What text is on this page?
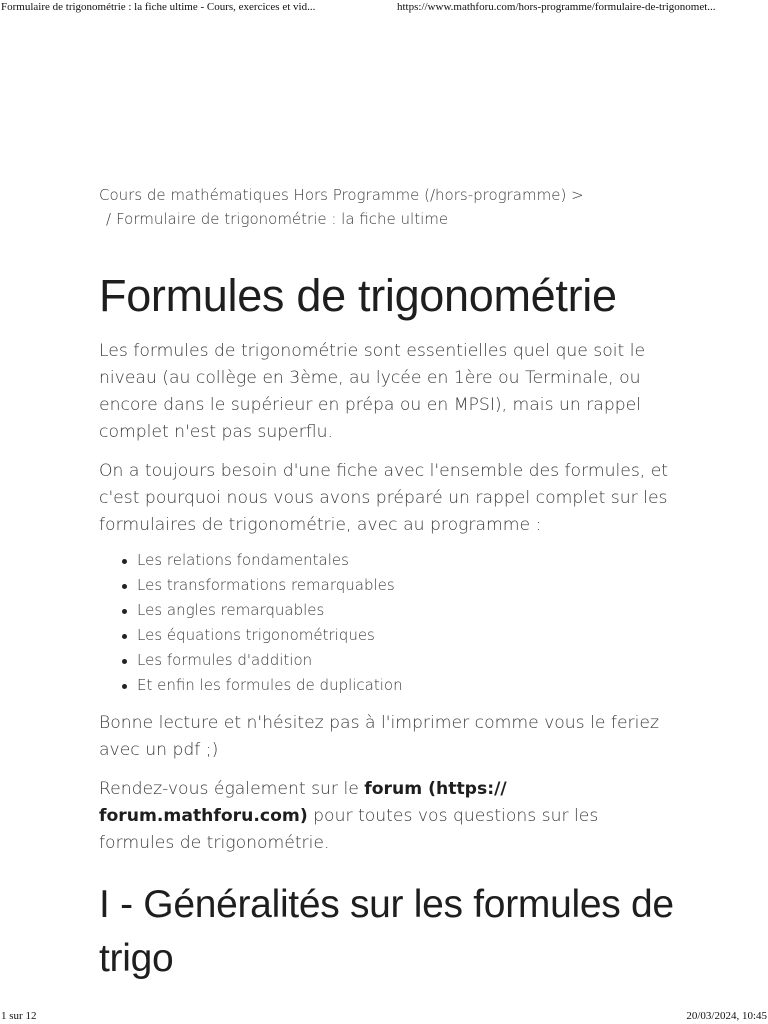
Formulaire de trigonométrie : la fiche ultime - Cours, exercices et vid...	https://www.mathforu.com/hors-programme/formulaire-de-trigonomet...
Cours de mathématiques Hors Programme (/hors-programme) >
/ Formulaire de trigonométrie : la fiche ultime
Formules de trigonométrie

Les formules de trigonométrie sont essentielles quel que soit le niveau (au collège en 3ème, au lycée en 1ère ou Terminale, ou encore dans le supérieur en prépa ou en MPSI), mais un rappel complet n'est pas superflu.

On a toujours besoin d'une fiche avec l'ensemble des formules, et c'est pourquoi nous vous avons préparé un rappel complet sur les formulaires de trigonométrie, avec au programme :

Les relations fondamentales
Les transformations remarquables
Les angles remarquables
Les équations trigonométriques
Les formules d'addition
Et enfin les formules de duplication

Bonne lecture et n'hésitez pas à l'imprimer comme vous le feriez avec un pdf ;)

Rendez-vous également sur le forum (https:// forum.mathforu.com) pour toutes vos questions sur les formules de trigonométrie.

I - Généralités sur les formules de trigo
1 sur 12	20/03/2024, 10:45
